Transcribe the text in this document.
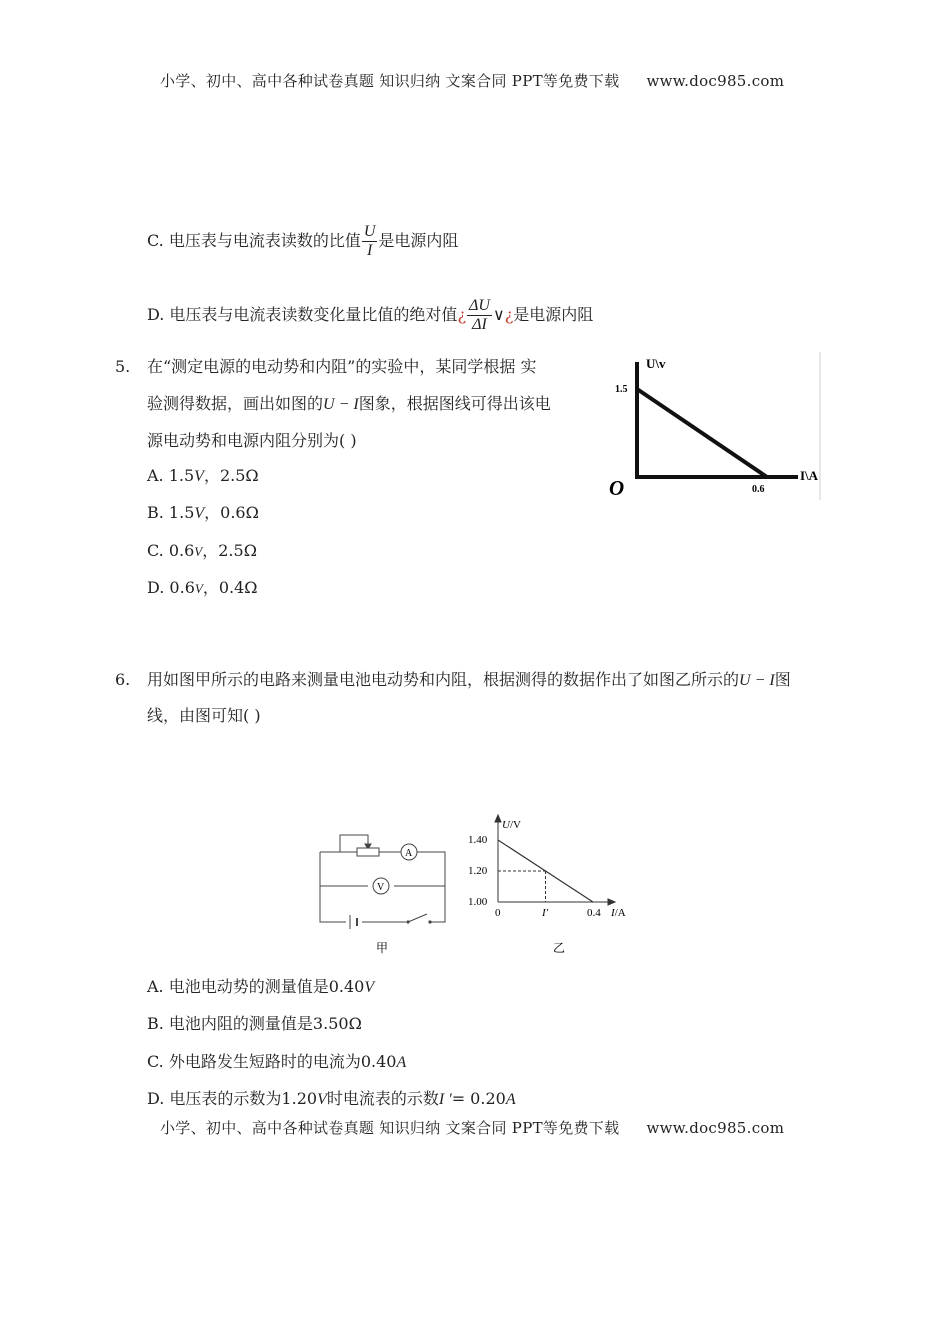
小学、初中、高中各种试卷真题 知识归纳 文案合同 PPT等免费下载 www.doc985.com
C. 电压表与电流表读数的比值 $\frac{U}{I}$ 是电源内阻
D. 电压表与电流表读数变化量比值的绝对值¿ $\frac{\Delta U}{\Delta I}$ ∨¿是电源内阻
5. 在“测定电源的电动势和内阻”的实验中，某同学根据 实
验测得数据，画出如图的U − I图象，根据图线可得出该电
源电动势和电源内阻分别为( )
A. 1.5V，2.5Ω
B. 1.5V，0.6Ω
C. 0.6V，2.5Ω
D. 0.6V，0.4Ω
U\v
1.5
I\A
0.6
O
6. 用如图甲所示的电路来测量电池电动势和内阻，根据测得的数据作出了如图乙所示的U − I图
线，由图可知( )
A
V
甲
U/V
1.40
1.20
1.00
0	I′	0.4 I/A
乙
A. 电池电动势的测量值是0.40V
B. 电池内阻的测量值是3.50Ω
C. 外电路发生短路时的电流为0.40A
D. 电压表的示数为1.20V时电流表的示数I ′= 0.20A
小学、初中、高中各种试卷真题 知识归纳 文案合同 PPT等免费下载 www.doc985.com
